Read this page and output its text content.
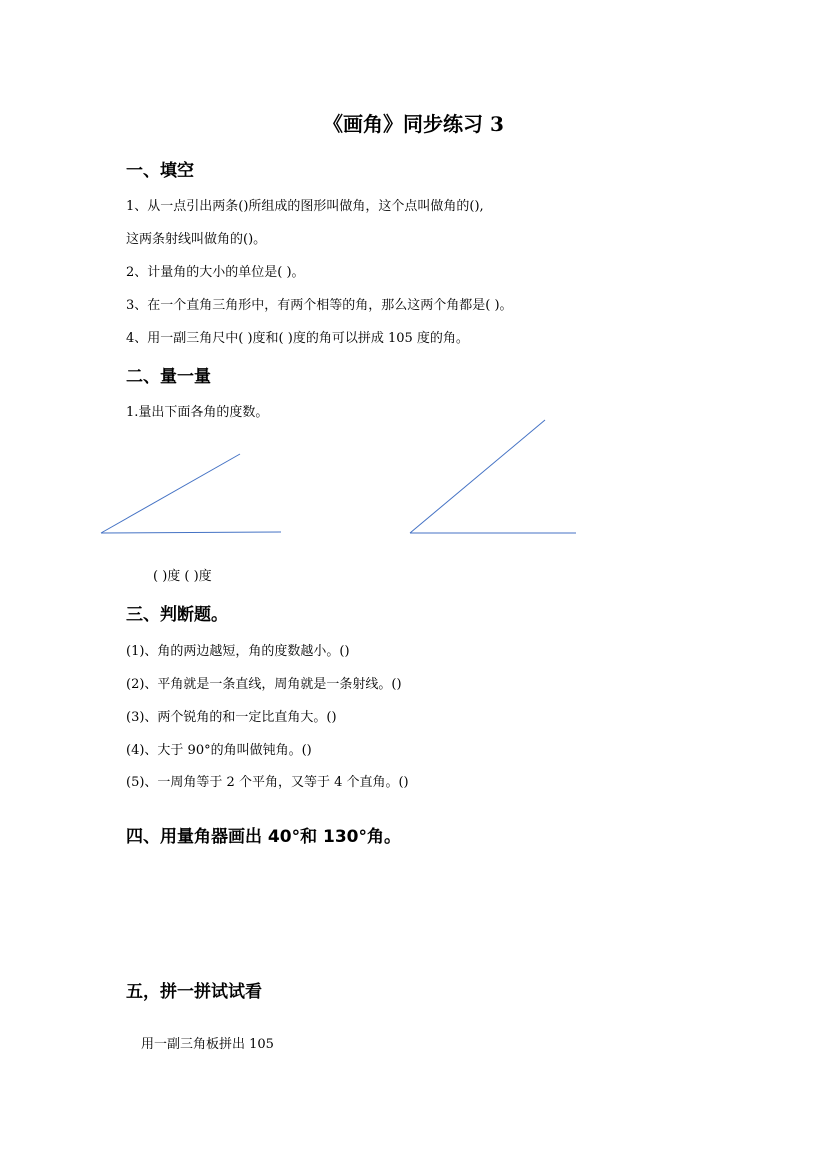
《画角》同步练习 3
一、填空
1、从一点引出两条()所组成的图形叫做角，这个点叫做角的(),
这两条射线叫做角的()。
2、计量角的大小的单位是( )。
3、在一个直角三角形中，有两个相等的角，那么这两个角都是( )。
4、用一副三角尺中( )度和( )度的角可以拼成 105 度的角。
二、量一量
1.量出下面各角的度数。
( )度 ( )度
三、判断题。
(1)、角的两边越短，角的度数越小。()
(2)、平角就是一条直线，周角就是一条射线。()
(3)、两个锐角的和一定比直角大。()
(4)、大于 90°的角叫做钝角。()
(5)、一周角等于 2 个平角，又等于 4 个直角。()
四、用量角器画出 40°和 130°角。
五，拼一拼试试看
用一副三角板拼出 105
